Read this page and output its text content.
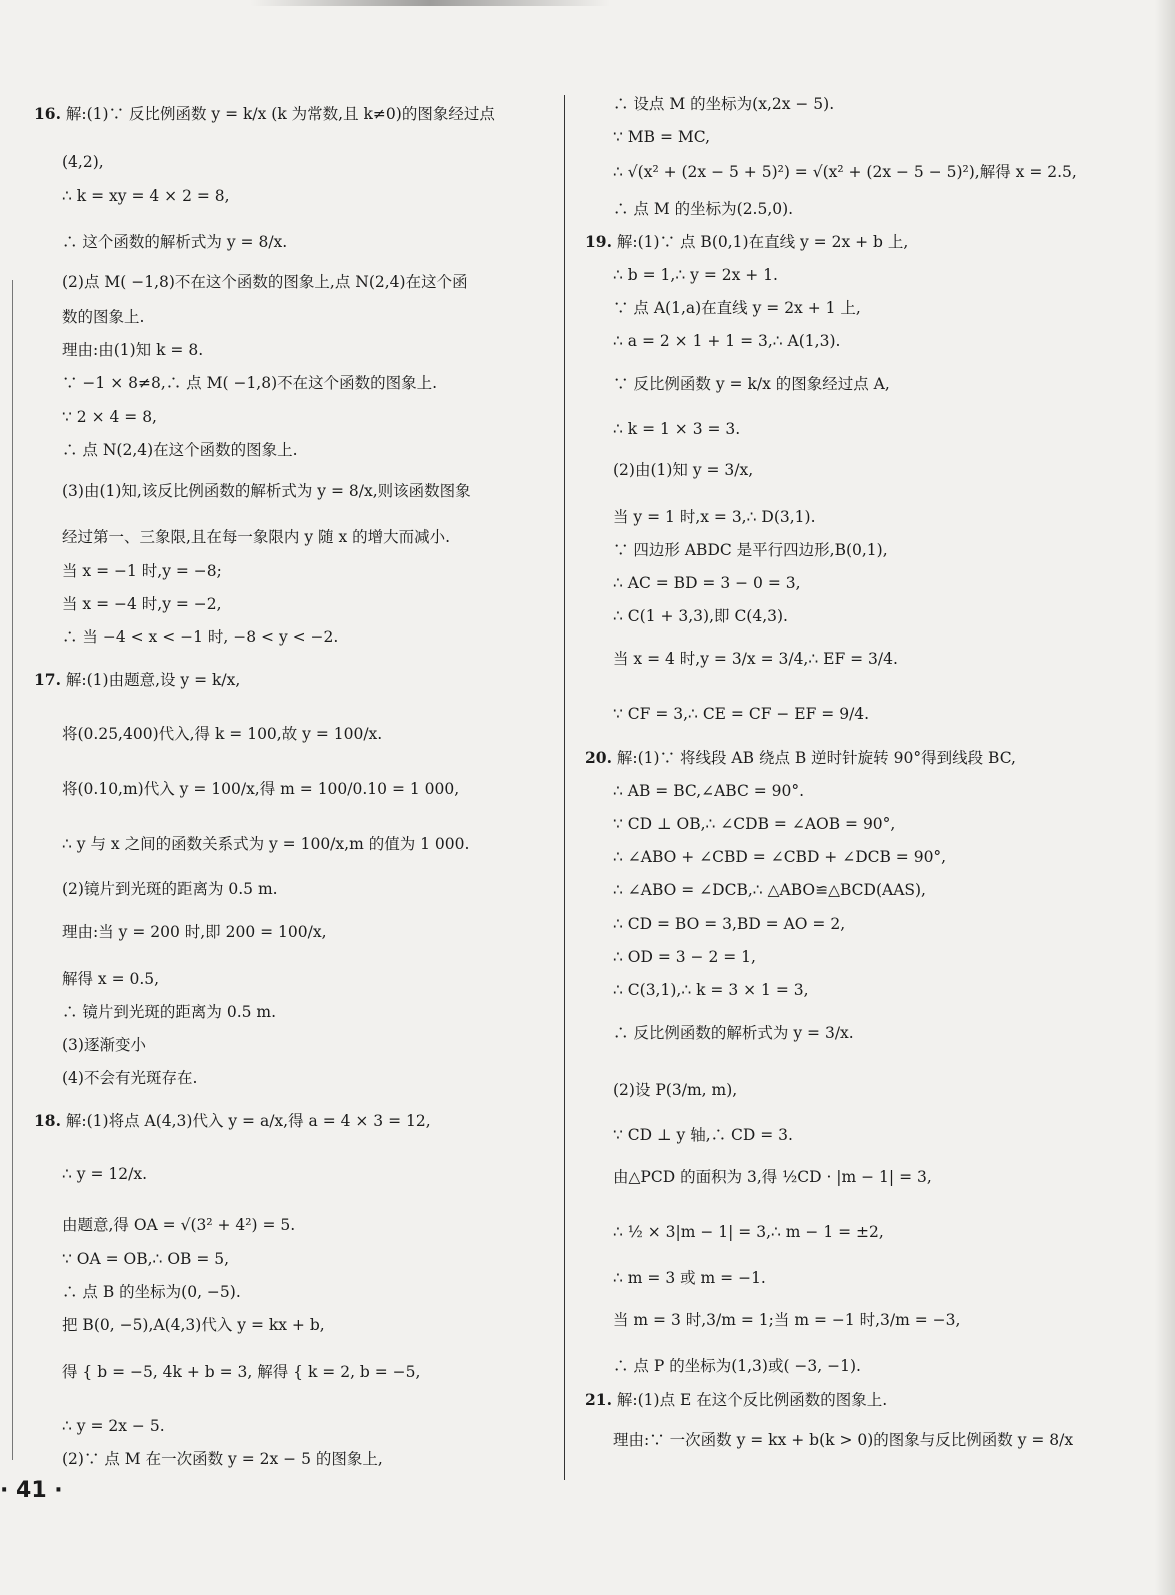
16. 解:(1)∵ 反比例函数 y = k/x (k 为常数,且 k≠0)的图象经过点
(4,2),
∴ k = xy = 4 × 2 = 8,
∴ 这个函数的解析式为 y = 8/x.
(2)点 M( −1,8)不在这个函数的图象上,点 N(2,4)在这个函
数的图象上.
理由:由(1)知 k = 8.
∵ −1 × 8≠8,∴ 点 M( −1,8)不在这个函数的图象上.
∵ 2 × 4 = 8,
∴ 点 N(2,4)在这个函数的图象上.
(3)由(1)知,该反比例函数的解析式为 y = 8/x,则该函数图象
经过第一、三象限,且在每一象限内 y 随 x 的增大而减小.
当 x = −1 时,y = −8;
当 x = −4 时,y = −2,
∴ 当 −4 < x < −1 时, −8 < y < −2.
17. 解:(1)由题意,设 y = k/x,
将(0.25,400)代入,得 k = 100,故 y = 100/x.
将(0.10,m)代入 y = 100/x,得 m = 100/0.10 = 1 000,
∴ y 与 x 之间的函数关系式为 y = 100/x,m 的值为 1 000.
(2)镜片到光斑的距离为 0.5 m.
理由:当 y = 200 时,即 200 = 100/x,
解得 x = 0.5,
∴ 镜片到光斑的距离为 0.5 m.
(3)逐渐变小
(4)不会有光斑存在.
18. 解:(1)将点 A(4,3)代入 y = a/x,得 a = 4 × 3 = 12,
∴ y = 12/x.
由题意,得 OA = √(3² + 4²) = 5.
∵ OA = OB,∴ OB = 5,
∴ 点 B 的坐标为(0, −5).
把 B(0, −5),A(4,3)代入 y = kx + b,
得 { b = −5, 4k + b = 3, 解得 { k = 2, b = −5,
∴ y = 2x − 5.
(2)∵ 点 M 在一次函数 y = 2x − 5 的图象上,
∴ 设点 M 的坐标为(x,2x − 5).
∵ MB = MC,
∴ √(x² + (2x − 5 + 5)²) = √(x² + (2x − 5 − 5)²),解得 x = 2.5,
∴ 点 M 的坐标为(2.5,0).
19. 解:(1)∵ 点 B(0,1)在直线 y = 2x + b 上,
∴ b = 1,∴ y = 2x + 1.
∵ 点 A(1,a)在直线 y = 2x + 1 上,
∴ a = 2 × 1 + 1 = 3,∴ A(1,3).
∵ 反比例函数 y = k/x 的图象经过点 A,
∴ k = 1 × 3 = 3.
(2)由(1)知 y = 3/x,
当 y = 1 时,x = 3,∴ D(3,1).
∵ 四边形 ABDC 是平行四边形,B(0,1),
∴ AC = BD = 3 − 0 = 3,
∴ C(1 + 3,3),即 C(4,3).
当 x = 4 时,y = 3/x = 3/4,∴ EF = 3/4.
∵ CF = 3,∴ CE = CF − EF = 9/4.
20. 解:(1)∵ 将线段 AB 绕点 B 逆时针旋转 90°得到线段 BC,
∴ AB = BC,∠ABC = 90°.
∵ CD ⊥ OB,∴ ∠CDB = ∠AOB = 90°,
∴ ∠ABO + ∠CBD = ∠CBD + ∠DCB = 90°,
∴ ∠ABO = ∠DCB,∴ △ABO≌△BCD(AAS),
∴ CD = BO = 3,BD = AO = 2,
∴ OD = 3 − 2 = 1,
∴ C(3,1),∴ k = 3 × 1 = 3,
∴ 反比例函数的解析式为 y = 3/x.
(2)设 P(3/m, m),
∵ CD ⊥ y 轴,∴ CD = 3.
由△PCD 的面积为 3,得 ½CD · |m − 1| = 3,
∴ ½ × 3|m − 1| = 3,∴ m − 1 = ±2,
∴ m = 3 或 m = −1.
当 m = 3 时,3/m = 1;当 m = −1 时,3/m = −3,
∴ 点 P 的坐标为(1,3)或( −3, −1).
21. 解:(1)点 E 在这个反比例函数的图象上.
理由:∵ 一次函数 y = kx + b(k > 0)的图象与反比例函数 y = 8/x
· 41 ·
